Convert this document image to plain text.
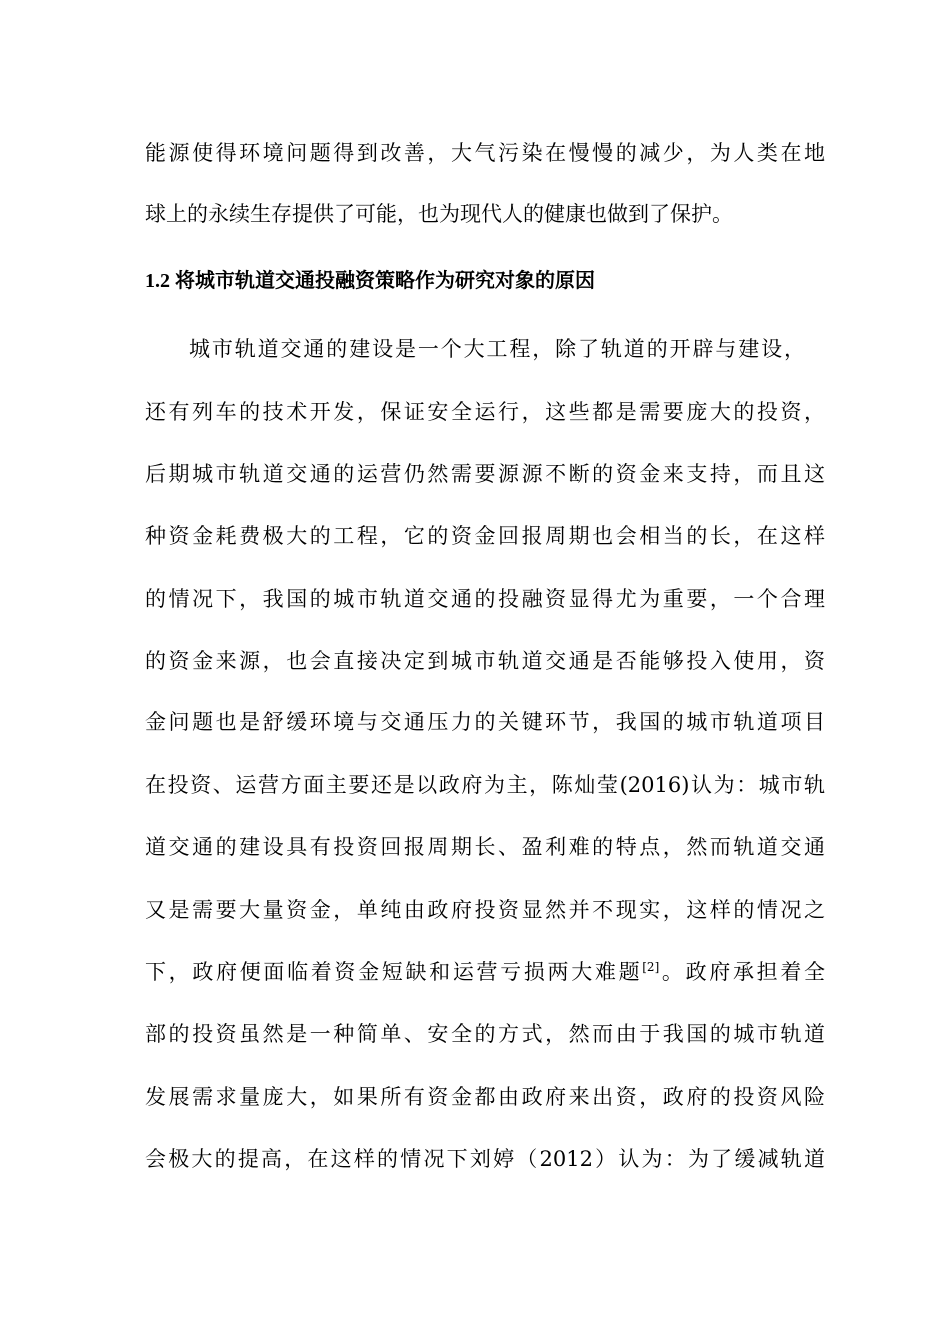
能源使得环境问题得到改善，大气污染在慢慢的减少，为人类在地
球上的永续生存提供了可能，也为现代人的健康也做到了保护。
1.2 将城市轨道交通投融资策略作为研究对象的原因
城市轨道交通的建设是一个大工程，除了轨道的开辟与建设，
还有列车的技术开发，保证安全运行，这些都是需要庞大的投资，
后期城市轨道交通的运营仍然需要源源不断的资金来支持，而且这
种资金耗费极大的工程，它的资金回报周期也会相当的长，在这样
的情况下，我国的城市轨道交通的投融资显得尤为重要，一个合理
的资金来源，也会直接决定到城市轨道交通是否能够投入使用，资
金问题也是舒缓环境与交通压力的关键环节，我国的城市轨道项目
在投资、运营方面主要还是以政府为主，陈灿莹(2016)认为：城市轨
道交通的建设具有投资回报周期长、盈利难的特点，然而轨道交通
又是需要大量资金，单纯由政府投资显然并不现实，这样的情况之
下，政府便面临着资金短缺和运营亏损两大难题[2]。政府承担着全
部的投资虽然是一种简单、安全的方式，然而由于我国的城市轨道
发展需求量庞大，如果所有资金都由政府来出资，政府的投资风险
会极大的提高，在这样的情况下刘婷（2012）认为：为了缓减轨道
